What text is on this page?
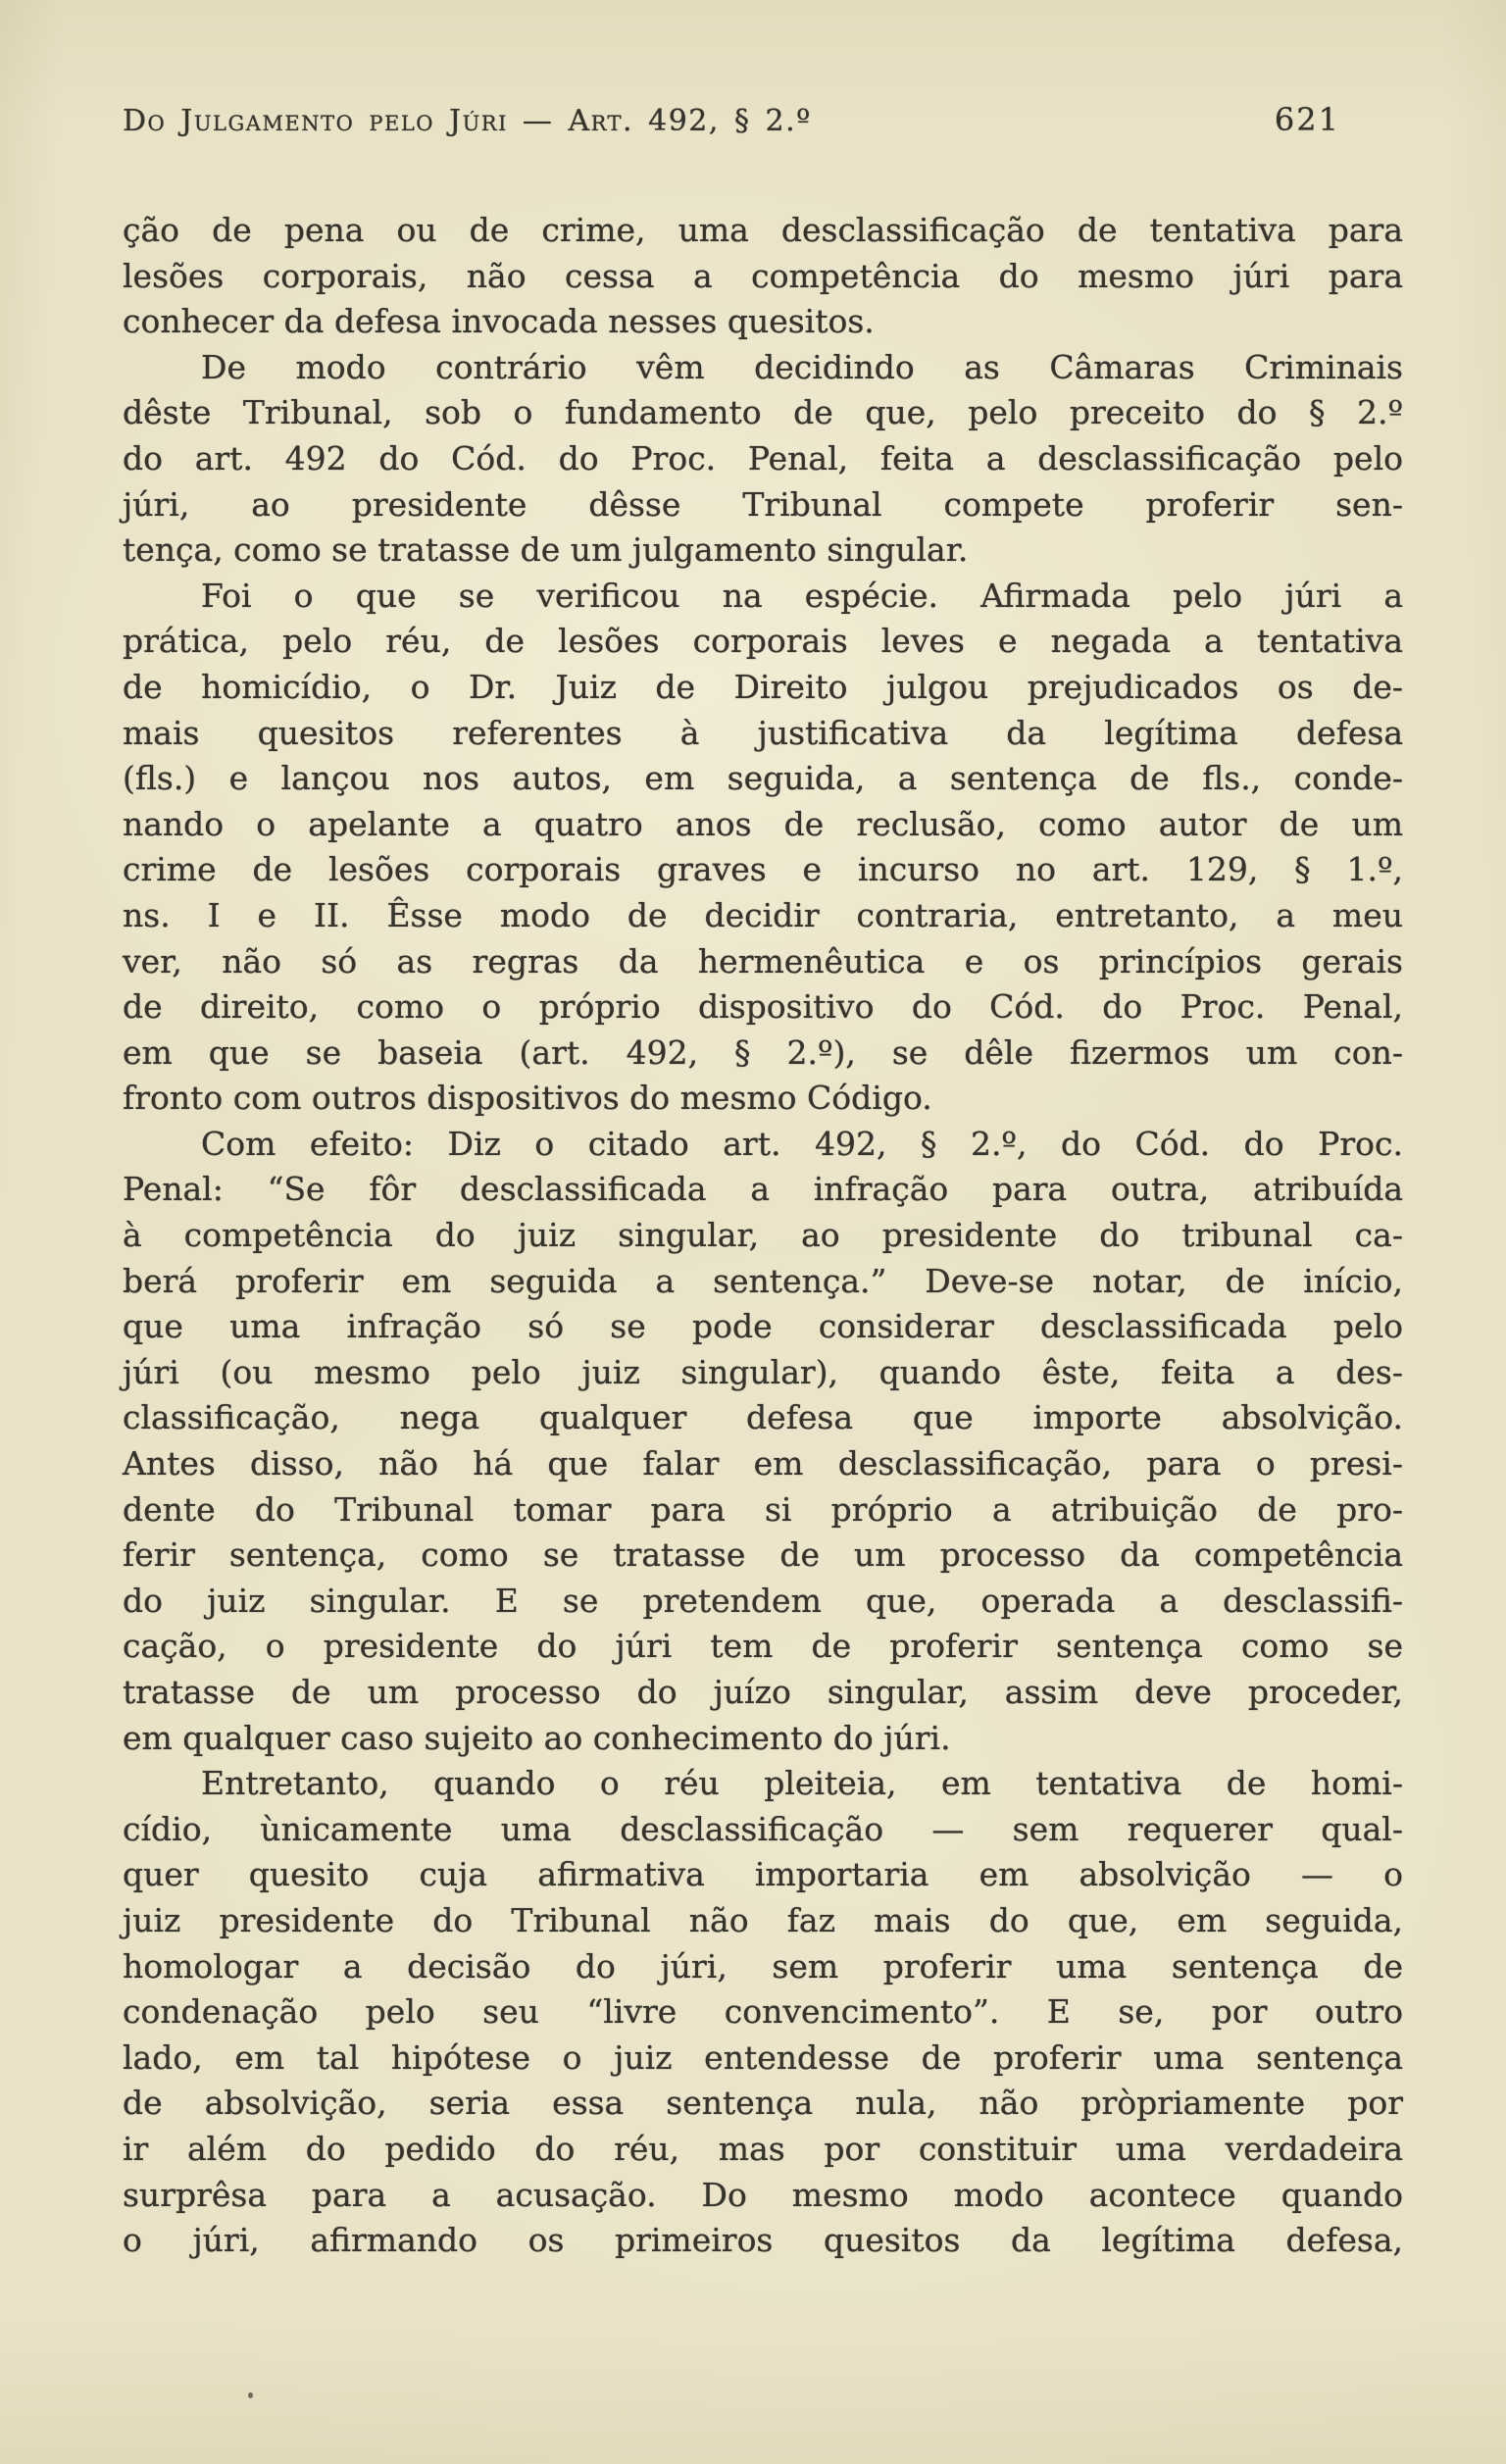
Do Julgamento pelo Júri — Art. 492, § 2.º	621
ção de pena ou de crime, uma desclassificação de tentativa para
lesões corporais, não cessa a competência do mesmo júri para
conhecer da defesa invocada nesses quesitos.
De modo contrário vêm decidindo as Câmaras Criminais
dêste Tribunal, sob o fundamento de que, pelo preceito do § 2.º
do art. 492 do Cód. do Proc. Penal, feita a desclassificação pelo
júri, ao presidente dêsse Tribunal compete proferir sen-
tença, como se tratasse de um julgamento singular.
Foi o que se verificou na espécie. Afirmada pelo júri a
prática, pelo réu, de lesões corporais leves e negada a tentativa
de homicídio, o Dr. Juiz de Direito julgou prejudicados os de-
mais quesitos referentes à justificativa da legítima defesa
(fls.) e lançou nos autos, em seguida, a sentença de fls., conde-
nando o apelante a quatro anos de reclusão, como autor de um
crime de lesões corporais graves e incurso no art. 129, § 1.º,
ns. I e II. Êsse modo de decidir contraria, entretanto, a meu
ver, não só as regras da hermenêutica e os princípios gerais
de direito, como o próprio dispositivo do Cód. do Proc. Penal,
em que se baseia (art. 492, § 2.º), se dêle fizermos um con-
fronto com outros dispositivos do mesmo Código.
Com efeito: Diz o citado art. 492, § 2.º, do Cód. do Proc.
Penal: “Se fôr desclassificada a infração para outra, atribuída
à competência do juiz singular, ao presidente do tribunal ca-
berá proferir em seguida a sentença.” Deve-se notar, de início,
que uma infração só se pode considerar desclassificada pelo
júri (ou mesmo pelo juiz singular), quando êste, feita a des-
classificação, nega qualquer defesa que importe absolvição.
Antes disso, não há que falar em desclassificação, para o presi-
dente do Tribunal tomar para si próprio a atribuição de pro-
ferir sentença, como se tratasse de um processo da competência
do juiz singular. E se pretendem que, operada a desclassifi-
cação, o presidente do júri tem de proferir sentença como se
tratasse de um processo do juízo singular, assim deve proceder,
em qualquer caso sujeito ao conhecimento do júri.
Entretanto, quando o réu pleiteia, em tentativa de homi-
cídio, ùnicamente uma desclassificação — sem requerer qual-
quer quesito cuja afirmativa importaria em absolvição — o
juiz presidente do Tribunal não faz mais do que, em seguida,
homologar a decisão do júri, sem proferir uma sentença de
condenação pelo seu “livre convencimento”. E se, por outro
lado, em tal hipótese o juiz entendesse de proferir uma sentença
de absolvição, seria essa sentença nula, não pròpriamente por
ir além do pedido do réu, mas por constituir uma verdadeira
surprêsa para a acusação. Do mesmo modo acontece quando
o júri, afirmando os primeiros quesitos da legítima defesa,
